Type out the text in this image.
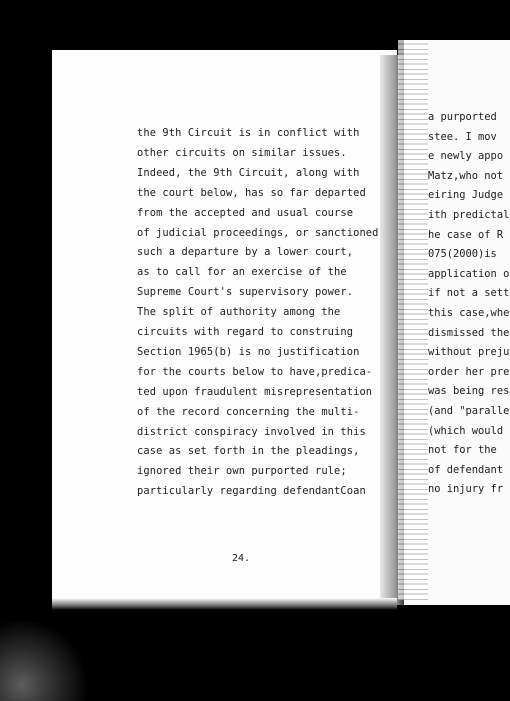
the 9th Circuit is in conflict with
other circuits on similar issues.
Indeed, the 9th Circuit, along with
the court below, has so far departed
from the accepted and usual course
of judicial proceedings, or sanctioned
such a departure by a lower court,
as to call for an exercise of the
Supreme Court's supervisory power.
The split of authority among the
circuits with regard to construing
Section 1965(b) is no justification
for the courts below to have,predica-
ted upon fraudulent misrepresentation
of the record concerning the multi-
district conspiracy involved in this
case as set forth in the pleadings,
ignored their own purported rule;
particularly regarding defendantCoan
24.
a purported
stee. I mov
e newly appo
Matz,who not
eiring Judge
ith predictal
he case of R
075(2000)is
application o
if not a sett
this case,whe
dismissed the
without preju
order her pre
was being res
(and "paralle
(which would
not for the
of defendant
no injury fr
